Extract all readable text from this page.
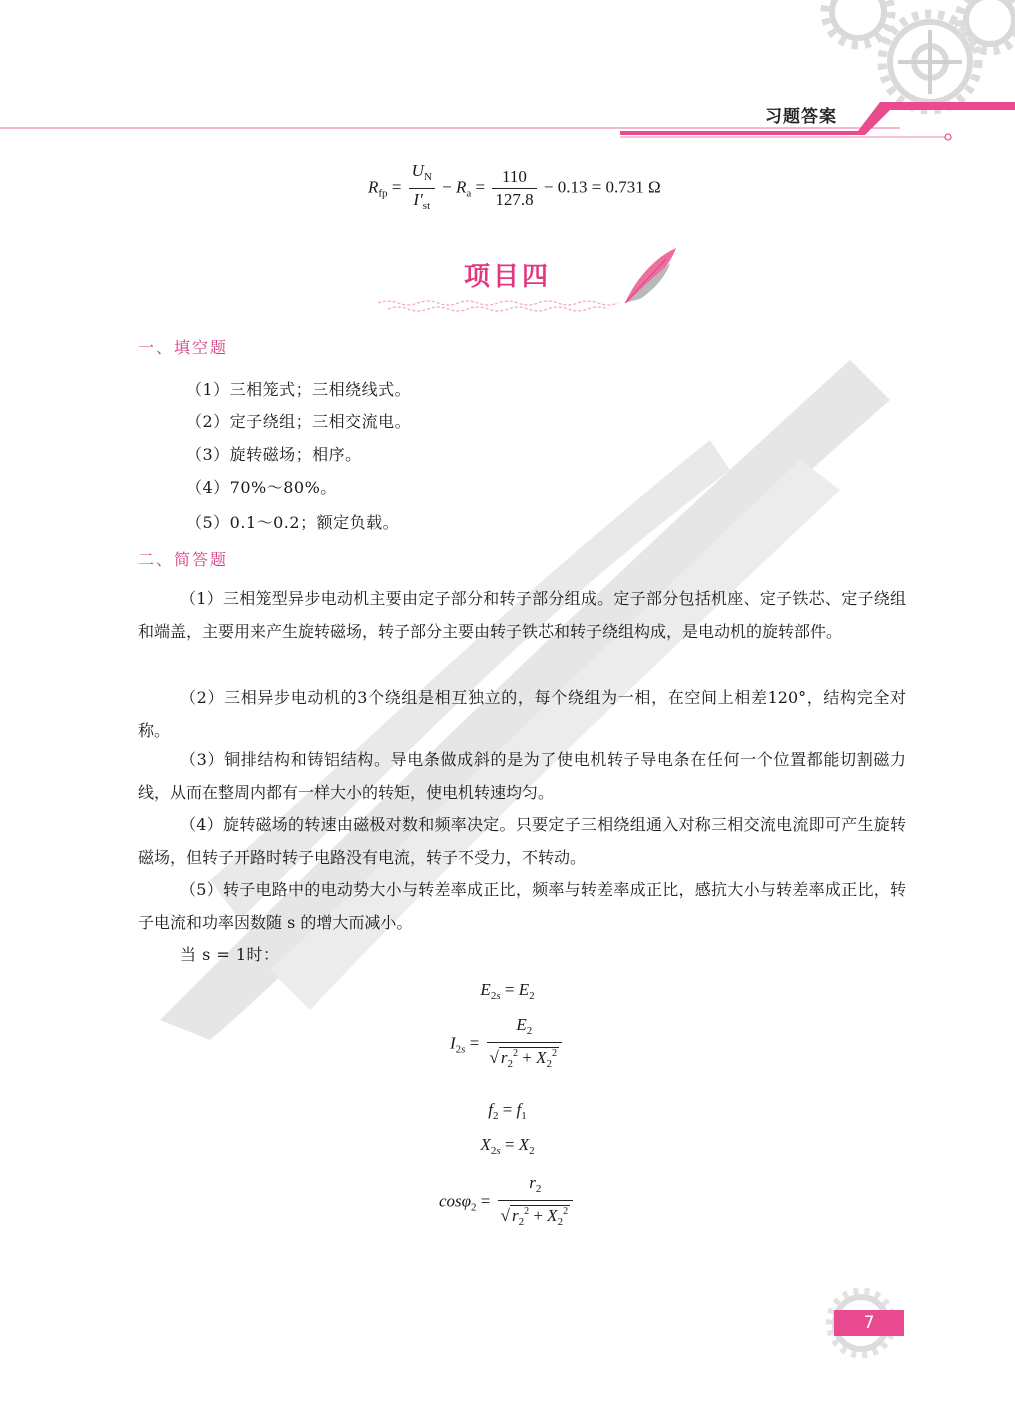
习题答案
$R_{fp} = \frac{U_N}{I'_{st}} - R_a = \frac{110}{127.8} - 0.13 = 0.731$ Ω
项目四
一、填空题
（1）三相笼式；三相绕线式。
（2）定子绕组；三相交流电。
（3）旋转磁场；相序。
（4）70%～80%。
（5）0.1～0.2；额定负载。
二、简答题
（1）三相笼型异步电动机主要由定子部分和转子部分组成。定子部分包括机座、定子铁芯、定子绕组和端盖，主要用来产生旋转磁场，转子部分主要由转子铁芯和转子绕组构成，是电动机的旋转部件。
（2）三相异步电动机的3个绕组是相互独立的，每个绕组为一相，在空间上相差120°，结构完全对称。
（3）铜排结构和铸铝结构。导电条做成斜的是为了使电机转子导电条在任何一个位置都能切割磁力线，从而在整周内都有一样大小的转矩，使电机转速均匀。
（4）旋转磁场的转速由磁极对数和频率决定。只要定子三相绕组通入对称三相交流电流即可产生旋转磁场，但转子开路时转子电路没有电流，转子不受力，不转动。
（5）转子电路中的电动势大小与转差率成正比，频率与转差率成正比，感抗大小与转差率成正比，转子电流和功率因数随 s 的增大而减小。
当 s = 1时：
$E_{2s} = E_2$
$I_{2s} = \frac{E_2}{√ r_2^2 + X_2^2}$
$f_2 = f_1$
$X_{2s} = X_2$
$\cos\varphi_2 = \frac{r_2}{√ r_2^2 + X_2^2}$
7
